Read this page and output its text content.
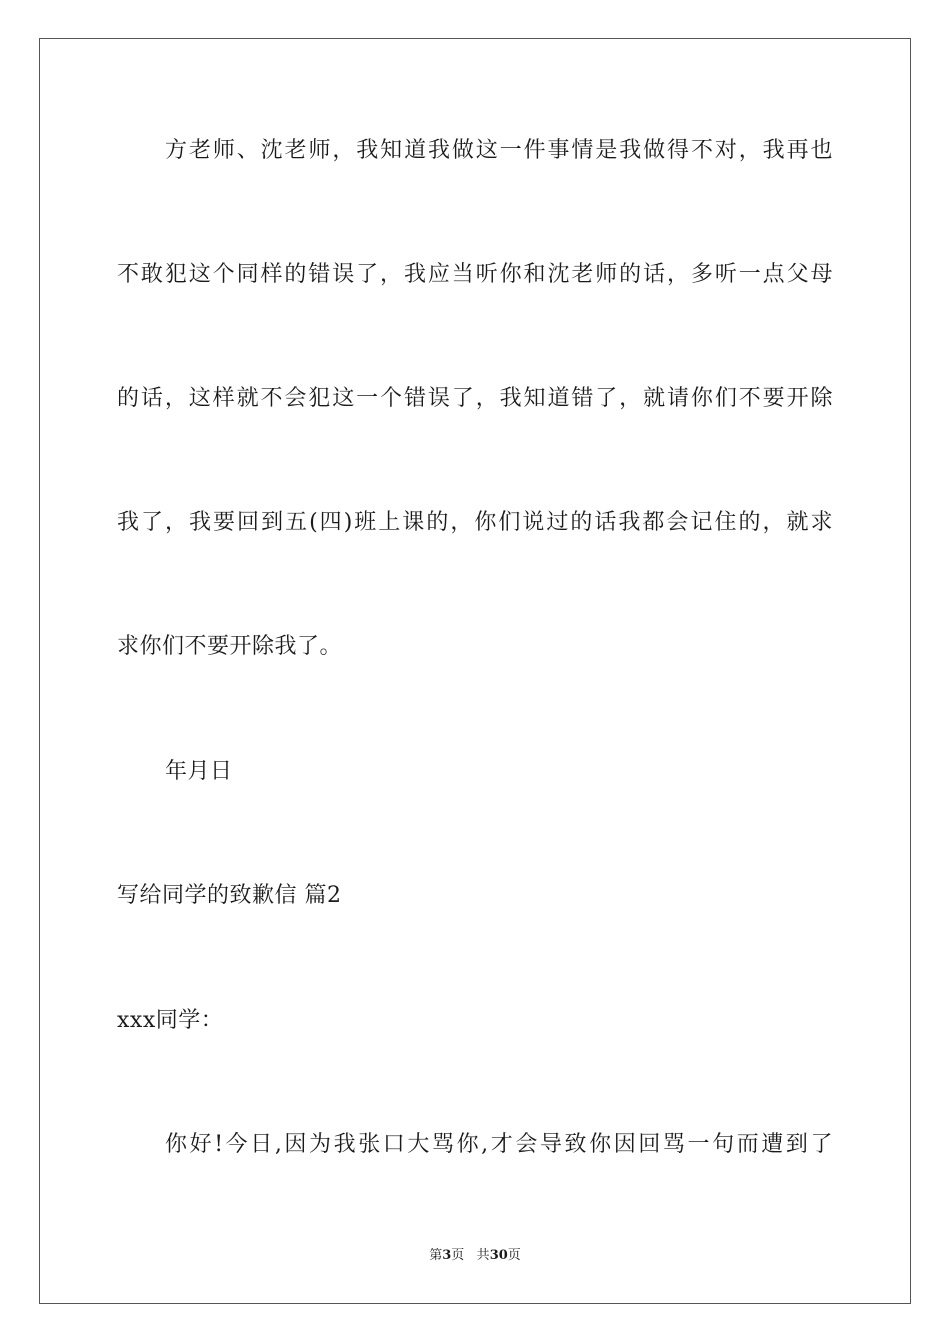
方老师、沈老师，我知道我做这一件事情是我做得不对，我再也
不敢犯这个同样的错误了，我应当听你和沈老师的话，多听一点父母
的话，这样就不会犯这一个错误了，我知道错了，就请你们不要开除
我了，我要回到五(四)班上课的，你们说过的话我都会记住的，就求
求你们不要开除我了。
年月日
写给同学的致歉信 篇2
xxx同学：
你好!今日,因为我张口大骂你,才会导致你因回骂一句而遭到了
第3页 共30页
